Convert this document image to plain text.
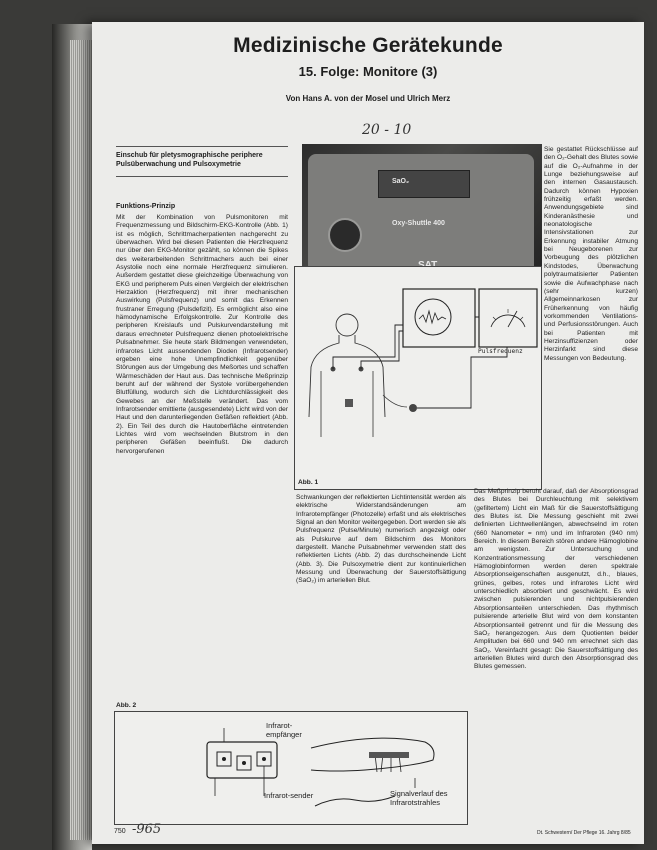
Medizinische Gerätekunde
15. Folge: Monitore (3)
Von Hans A. von der Mosel und Ulrich Merz
20 - 10
Einschub für pletysmographische periphere Pulsüberwachung und Pulsoxymetrie
Funktions-Prinzip

Mit der Kombination von Pulsmonitoren mit Frequenzmessung und Bildschirm-EKG-Kontrolle (Abb. 1) ist es möglich, Schrittmacherpatienten nachgerecht zu überwachen. Wird bei diesen Patienten die Herzfrequenz nur über den EKG-Monitor gezählt, so können die Spikes des weiterarbeitenden Schrittmachers auch bei einer Asystolie noch eine normale Herzfrequenz simulieren. Außerdem gestattet diese gleichzeitige Überwachung von EKG und peripherem Puls einen Vergleich der elektrischen Herzaktion (Herzfrequenz) mit ihrer mechanischen Auswirkung (Pulsfrequenz) und somit das Erkennen frustraner Erregung (Pulsdefizit). Es ermöglicht also eine hämodynamische Erfolgskontrolle. Zur Kontrolle des peripheren Kreislaufs und Pulskurvendarstellung mit daraus errechneter Pulsfrequenz dienen photoelektrische Pulsabnehmer. Sie heute stark Bildmengen verwendeten, infrarotes Licht aussendenden Dioden (Infrarotsender) ergeben eine hohe Unempfindlichkeit gegenüber Störungen aus der Umgebung des Meßortes und schaffen Wärmeschäden der Haut aus. Das technische Meßprinzip beruht auf der während der Systole vorübergehenden Blutfüllung, wodurch sich die Lichtdurchlässigkeit des Gewebes an der Meßstelle verändert. Das vom Infrarotsender emittierte (ausgesendete) Licht wird von der Haut und den darunterliegenden Gefäßen reflektiert (Abb. 2). Ein Teil des durch die Hautoberfläche eintretenden Lichtes wird vom wechselnden Blutstrom in den peripheren Gefäßen beeinflußt. Die dadurch hervorgerufenen

SaO₂
Oxy-Shuttle 400
Pulsfrequenz
Abb. 1

Schwankungen der reflektierten Lichtintensität werden als elektrische Widerstandsänderungen am Infrarotempfänger (Photozelle) erfaßt und als elektrisches Signal an den Monitor weitergegeben. Dort werden sie als Pulsfrequenz (Pulse/Minute) numerisch angezeigt oder als Pulskurve auf dem Bildschirm des Monitors dargestellt. Manche Pulsabnehmer verwenden statt des reflektierten Lichts (Abb. 2) das durchscheinende Licht (Abb. 3). Die Pulsoxymetrie dient zur kontinuierlichen Messung und Überwachung der Sauerstoffsättigung (SaO₂) im arteriellen Blut.

Sie gestattet Rückschlüsse auf den O₂-Gehalt des Blutes sowie auf die O₂-Aufnahme in der Lunge beziehungsweise auf den internen Gasaustausch. Dadurch können Hypoxien frühzeitig erfaßt werden. Anwendungsgebiete sind Kinderanästhesie und neonatologische Intensivstationen zur Erkennung instabiler Atmung bei Neugeborenen zur Vorbeugung des plötzlichen Kindstodes, Überwachung polytraumatisierter Patienten sowie die Aufwachphase nach (sehr kurzen) Allgemeinnarkosen zur Früherkennung von häufig vorkommenden Ventilations- und Perfusionsstörungen. Auch bei Patienten mit Herzinsuffizienzen oder Herzinfarkt sind diese Messungen von Bedeutung.

Das Meßprinzip beruht darauf, daß der Absorptionsgrad des Blutes bei Durchleuchtung mit selektivem (gefiltertem) Licht ein Maß für die Sauerstoffsättigung des Blutes ist. Die Messung geschieht mit zwei definierten Lichtwellenlängen, abwechselnd im roten (660 Nanometer = nm) und im Infraroten (940 nm) Bereich. In diesem Bereich stören andere Hämoglobine am wenigsten. Zur Untersuchung und Konzentrationsmessung der verschiedenen Hämoglobinformen werden deren spektrale Absorptionseigenschaften ausgenutzt, d.h., blaues, grünes, gelbes, rotes und infrarotes Licht wird unterschiedlich absorbiert und geschwächt. Es wird zwischen pulsierenden und nichtpulsierenden Absorptionsanteilen unterschieden. Das rhythmisch pulsierende arterielle Blut wird von dem konstanten Absorptionsanteil getrennt und für die Messung des SaO₂ herangezogen. Aus dem Quotienten beider Amplituden bei 660 und 940 nm errechnet sich das SaO₂. Vereinfacht gesagt: Die Sauerstoffsättigung des arteriellen Blutes wird durch den Absorptionsgrad des Blutes gemessen.

Abb. 2
Infrarot-empfänger
Infrarot-sender	Signalverlauf des Infrarotstrahles
750 -965	Dt. Schwestern/ Der Pflege 16. Jahrg 8/85
